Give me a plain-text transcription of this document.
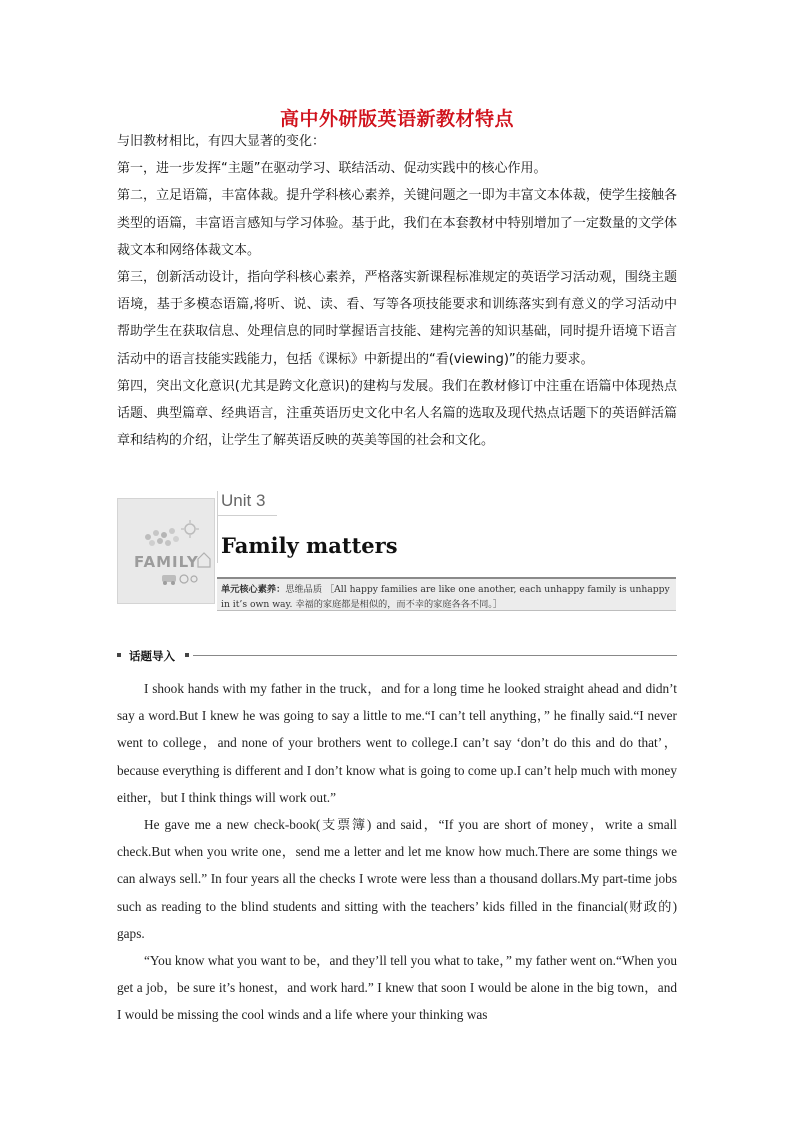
高中外研版英语新教材特点

与旧教材相比，有四大显著的变化：

第一，进一步发挥“主题”在驱动学习、联结活动、促动实践中的核心作用。

第二，立足语篇，丰富体裁。提升学科核心素养，关键问题之一即为丰富文本体裁，使学生接触各类型的语篇，丰富语言感知与学习体验。基于此，我们在本套教材中特别增加了一定数量的文学体裁文本和网络体裁文本。

第三，创新活动设计，指向学科核心素养，严格落实新课程标准规定的英语学习活动观，围绕主题语境，基于多模态语篇,将听、说、读、看、写等各项技能要求和训练落实到有意义的学习活动中帮助学生在获取信息、处理信息的同时掌握语言技能、建构完善的知识基础，同时提升语境下语言活动中的语言技能实践能力，包括《课标》中新提出的“看(viewing)”的能力要求。

第四，突出文化意识(尤其是跨文化意识)的建构与发展。我们在教材修订中注重在语篇中体现热点话题、典型篇章、经典语言，注重英语历史文化中名人名篇的选取及现代热点话题下的英语鲜活篇章和结构的介绍，让学生了解英语反映的英美等国的社会和文化。

FAMILY
Unit 3
Family matters
单元核心素养：思维品质 ［All happy families are like one another, each unhappy family is unhappy in it’s own way. 幸福的家庭都是相似的，而不幸的家庭各各不同。］
话题导入

I shook hands with my father in the truck，and for a long time he looked straight ahead and didn’t say a word.But I knew he was going to say a little to me.“I can’t tell anything，” he finally said.“I never went to college，and none of your brothers went to college.I can’t say ‘don’t do this and do that’，because everything is different and I don’t know what is going to come up.I can’t help much with money either，but I think things will work out.”

He gave me a new check-book(支票簿) and said，“If you are short of money，write a small check.But when you write one，send me a letter and let me know how much.There are some things we can always sell.” In four years all the checks I wrote were less than a thousand dollars.My part-time jobs such as reading to the blind students and sitting with the teachers’ kids filled in the financial(财政的) gaps.

“You know what you want to be，and they’ll tell you what to take，” my father went on.“When you get a job，be sure it’s honest，and work hard.” I knew that soon I would be alone in the big town，and I would be missing the cool winds and a life where your thinking was
